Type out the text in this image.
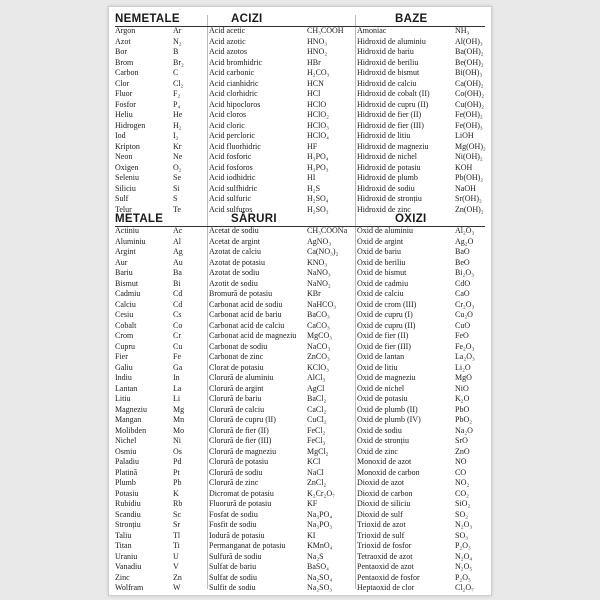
NEMETALE	ACIZI	BAZE
Argon	Ar	Acid acetic	CH₃COOH	Amoniac	NH₃
Azot	N₂	Acid azotic	HNO₃	Hidroxid de aluminiu	Al(OH)₃
Bor	B	Acid azotos	HNO₂	Hidroxid de bariu	Ba(OH)₂
Brom	Br₂	Acid bromhidric	HBr	Hidroxid de beriliu	Be(OH)₂
Carbon	C	Acid carbonic	H₂CO₃	Hidroxid de bismut	Bi(OH)₃
Clor	Cl₂	Acid cianhidric	HCN	Hidroxid de calciu	Ca(OH)₂
Fluor	F₂	Acid clorhidric	HCl	Hidroxid de cobalt (II)	Co(OH)₂
Fosfor	P₄	Acid hipocloros	HClO	Hidroxid de cupru (II)	Cu(OH)₂
Heliu	He	Acid cloros	HClO₂	Hidroxid de fier (II)	Fe(OH)₂
Hidrogen	H₂	Acid cloric	HClO₃	Hidroxid de fier (III)	Fe(OH)₃
Iod	I₂	Acid percloric	HClO₄	Hidroxid de litiu	LiOH
Kripton	Kr	Acid fluorhidric	HF	Hidroxid de magneziu	Mg(OH)₂
Neon	Ne	Acid fosforic	H₃PO₄	Hidroxid de nichel	Ni(OH)₂
Oxigen	O₂	Acid fosforos	H₃PO₃	Hidroxid de potasiu	KOH
Seleniu	Se	Acid iodhidric	HI	Hidroxid de plumb	Pb(OH)₂
Siliciu	Si	Acid sulfhidric	H₂S	Hidroxid de sodiu	NaOH
Sulf	S	Acid sulfuric	H₂SO₄	Hidroxid de stronțiu	Sr(OH)₂
Telur	Te	Acid sulfuros	H₂SO₃	Hidroxid de zinc	Zn(OH)₂
METALE	SĂRURI	OXIZI
Actiniu	Ac	Acetat de sodiu	CH₃COONa	Oxid de aluminiu	Al₂O₃
Aluminiu	Al	Acetat de argint	AgNO₃	Oxid de argint	Ag₂O
Argint	Ag	Azotat de calciu	Ca(NO₃)₂	Oxid de bariu	BaO
Aur	Au	Azotat de potasiu	KNO₃	Oxid de beriliu	BeO
Bariu	Ba	Azotat de sodiu	NaNO₃	Oxid de bismut	Bi₂O₃
Bismut	Bi	Azotit de sodiu	NaNO₂	Oxid de cadmiu	CdO
Cadmiu	Cd	Bromură de potasiu	KBr	Oxid de calciu	CaO
Calciu	Cd	Carbonat acid de sodiu	NaHCO₃	Oxid de crom (III)	Cr₂O₃
Cesiu	Cs	Carbonat acid de bariu	BaCO₃	Oxid de cupru (I)	Cu₂O
Cobalt	Co	Carbonat acid de calciu	CaCO₃	Oxid de cupru (II)	CuO
Crom	Cr	Carbonat acid de magneziu	MgCO₃	Oxid de fier (II)	FeO
Cupru	Cu	Carbonat de sodiu	NaCO₃	Oxid de fier (III)	Fe₂O₃
Fier	Fe	Carbonat de zinc	ZnCO₃	Oxid de lantan	La₂O₃
Galiu	Ga	Clorat de potasiu	KClO₃	Oxid de litiu	Li₂O
Indiu	In	Clorură de aluminiu	AlCl₃	Oxid de magneziu	MgO
Lantan	La	Clorură de argint	AgCl	Oxid de nichel	NiO
Litiu	Li	Clorură de bariu	BaCl₂	Oxid de potasiu	K₂O
Magneziu	Mg	Clorură de calciu	CaCl₂	Oxid de plumb (II)	PbO
Mangan	Mn	Clorură de cupru (II)	CuCl₂	Oxid de plumb (IV)	PbO₂
Molibden	Mo	Clorură de fier (II)	FeCl₂	Oxid de sodiu	Na₂O
Nichel	Ni	Clorură de fier (III)	FeCl₃	Oxid de stronțiu	SrO
Osmiu	Os	Clorură de magneziu	MgCl₂	Oxid de zinc	ZnO
Paladiu	Pd	Clorură de potasiu	KCl	Monoxid de azot	NO
Platină	Pt	Clorură de sodiu	NaCl	Monoxid de carbon	CO
Plumb	Pb	Clorură de zinc	ZnCl₂	Dioxid de azot	NO₂
Potasiu	K	Dicromat de potasiu	K₂Cr₂O₇	Dioxid de carbon	CO₂
Rubidiu	Rb	Fluorură de potasiu	KF	Dioxid de siliciu	SiO₂
Scandiu	Sc	Fosfat de sodiu	Na₃PO₄	Dioxid de sulf	SO₂
Stronțiu	Sr	Fosfit de sodiu	Na₃PO₃	Trioxid de azot	N₂O₃
Taliu	Tl	Iodură de potasiu	KI	Trioxid de sulf	SO₃
Titan	Ti	Permanganat de potasiu	KMnO₄	Trioxid de fosfor	P₂O₃
Uraniu	U	Sulfură de sodiu	Na₂S	Tetraoxid de azot	N₂O₄
Vanadiu	V	Sulfat de bariu	BaSO₄	Pentaoxid de azot	N₂O₅
Zinc	Zn	Sulfat de sodiu	Na₂SO₄	Pentaoxid de fosfor	P₂O₅
Wolfram	W	Sulfit de sodiu	Na₂SO₃	Heptaoxid de clor	Cl₂O₇
